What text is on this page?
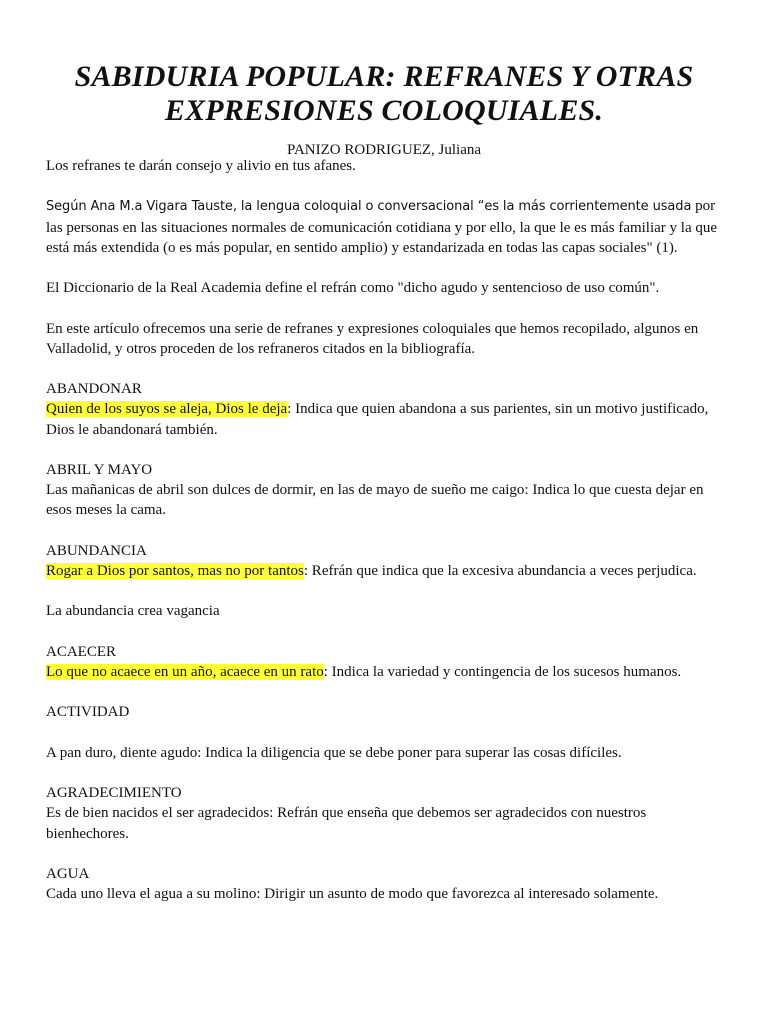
SABIDURIA POPULAR: REFRANES Y OTRAS EXPRESIONES COLOQUIALES.
PANIZO RODRIGUEZ, Juliana

Los refranes te darán consejo y alivio en tus afanes.

Según Ana M.a Vigara Tauste, la lengua coloquial o conversacional “es la más corrientemente usada por las personas en las situaciones normales de comunicación cotidiana y por ello, la que le es más familiar y la que está más extendida (o es más popular, en sentido amplio) y estandarizada en todas las capas sociales" (1).

El Diccionario de la Real Academia define el refrán como "dicho agudo y sentencioso de uso común".

En este artículo ofrecemos una serie de refranes y expresiones coloquiales que hemos recopilado, algunos en Valladolid, y otros proceden de los refraneros citados en la bibliografía.

ABANDONAR

Quien de los suyos se aleja, Dios le deja: Indica que quien abandona a sus parientes, sin un motivo justificado, Dios le abandonará también.

ABRIL Y MAYO

Las mañanicas de abril son dulces de dormir, en las de mayo de sueño me caigo: Indica lo que cuesta dejar en esos meses la cama.

ABUNDANCIA

Rogar a Dios por santos, mas no por tantos: Refrán que indica que la excesiva abundancia a veces perjudica.

La abundancia crea vagancia

ACAECER

Lo que no acaece en un año, acaece en un rato: Indica la variedad y contingencia de los sucesos humanos.

ACTIVIDAD

A pan duro, diente agudo: Indica la diligencia que se debe poner para superar las cosas difíciles.

AGRADECIMIENTO

Es de bien nacidos el ser agradecidos: Refrán que enseña que debemos ser agradecidos con nuestros bienhechores.

AGUA

Cada uno lleva el agua a su molino: Dirigir un asunto de modo que favorezca al interesado solamente.
